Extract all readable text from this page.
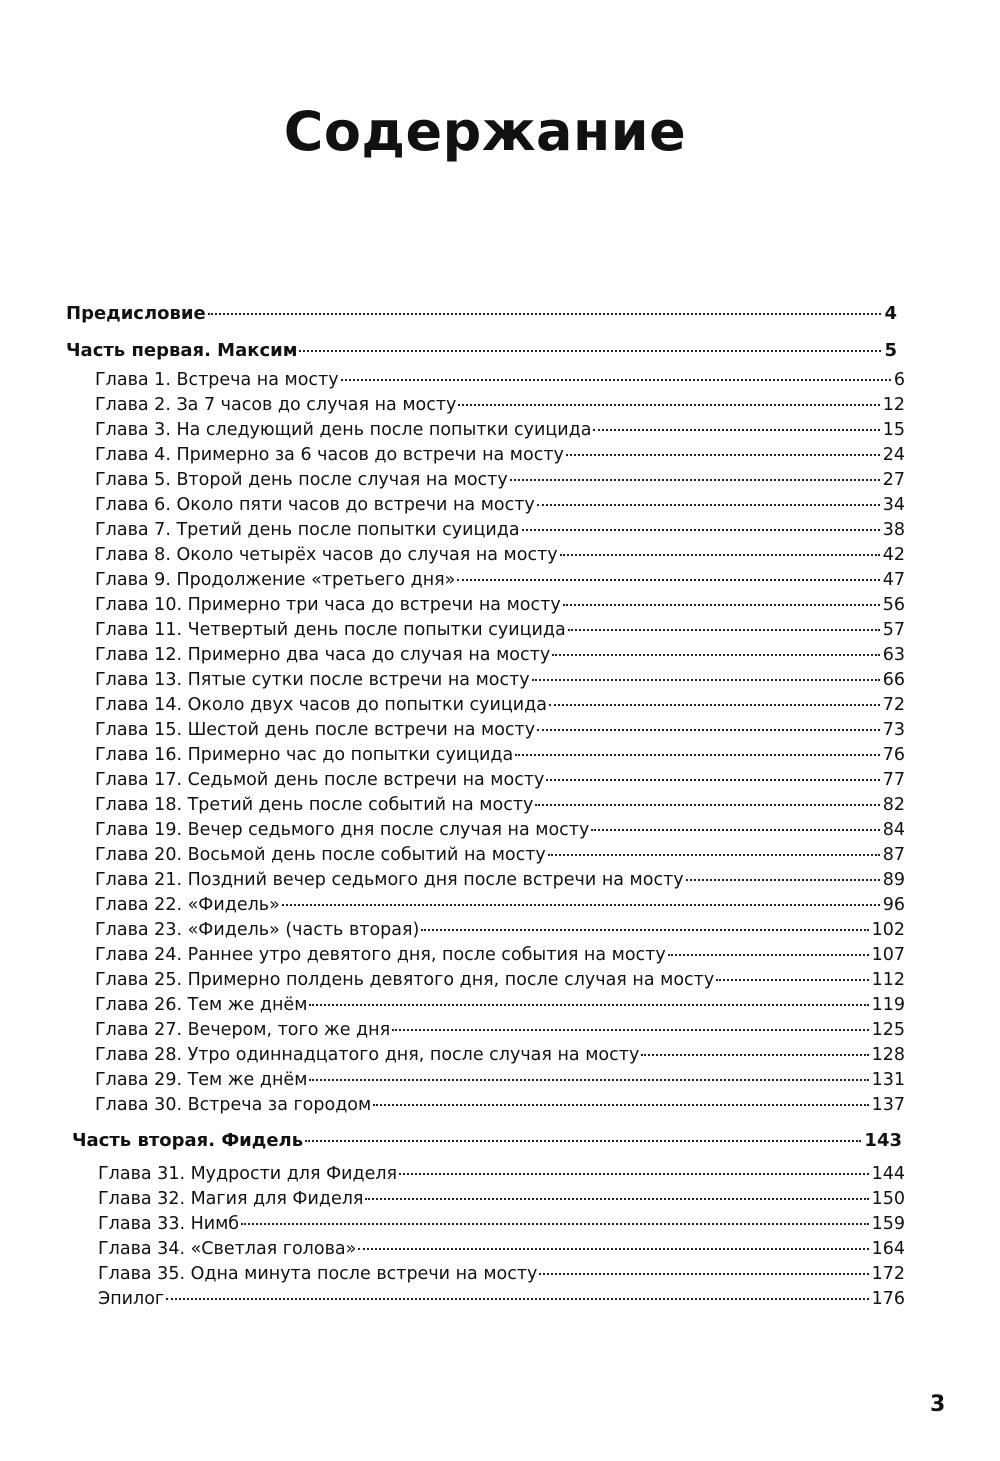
Содержание
Предисловие	4
Часть первая. Максим	5
Глава 1. Встреча на мосту	6
Глава 2. За 7 часов до случая на мосту	12
Глава 3. На следующий день после попытки суицида	15
Глава 4. Примерно за 6 часов до встречи на мосту	24
Глава 5. Второй день после случая на мосту	27
Глава 6. Около пяти часов до встречи на мосту	34
Глава 7. Третий день после попытки суицида	38
Глава 8. Около четырёх часов до случая на мосту	42
Глава 9. Продолжение «третьего дня»	47
Глава 10. Примерно три часа до встречи на мосту	56
Глава 11. Четвертый день после попытки суицида	57
Глава 12. Примерно два часа до случая на мосту	63
Глава 13. Пятые сутки после встречи на мосту	66
Глава 14. Около двух часов до попытки суицида	72
Глава 15. Шестой день после встречи на мосту	73
Глава 16. Примерно час до попытки суицида	76
Глава 17. Седьмой день после встречи на мосту	77
Глава 18. Третий день после событий на мосту	82
Глава 19. Вечер седьмого дня после случая на мосту	84
Глава 20. Восьмой день после событий на мосту	87
Глава 21. Поздний вечер седьмого дня после встречи на мосту	89
Глава 22. «Фидель»	96
Глава 23. «Фидель» (часть вторая)	102
Глава 24. Раннее утро девятого дня, после события на мосту	107
Глава 25. Примерно полдень девятого дня, после случая на мосту	112
Глава 26. Тем же днём	119
Глава 27. Вечером, того же дня	125
Глава 28. Утро одиннадцатого дня, после случая на мосту	128
Глава 29. Тем же днём	131
Глава 30. Встреча за городом	137
Часть вторая. Фидель	143
Глава 31. Мудрости для Фиделя	144
Глава 32. Магия для Фиделя	150
Глава 33. Нимб	159
Глава 34. «Светлая голова»	164
Глава 35. Одна минута после встречи на мосту	172
Эпилог	176
3
